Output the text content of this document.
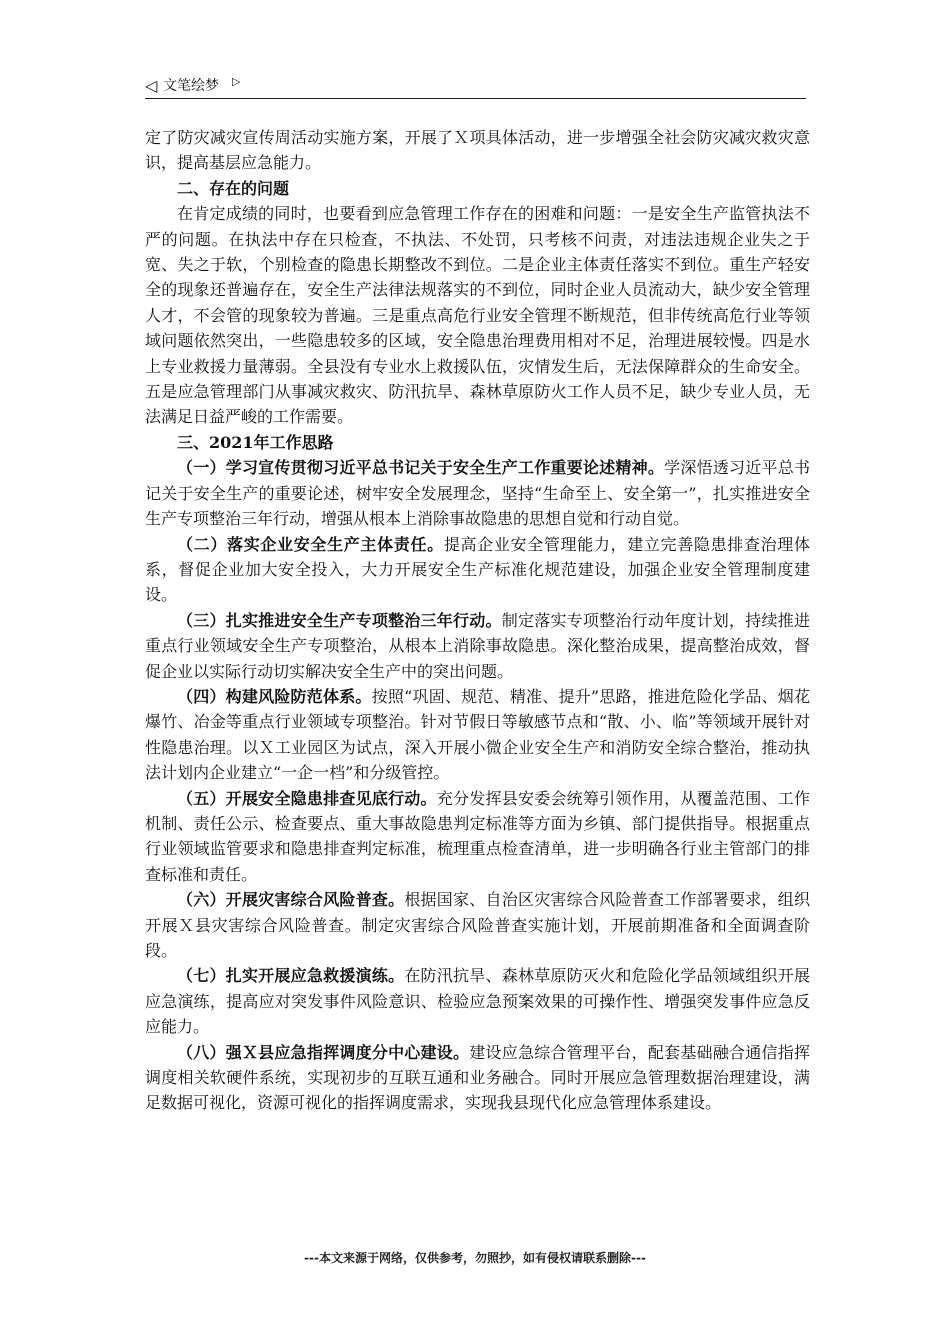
◁ 文笔绘梦 ▷

定了防灾减灾宣传周活动实施方案，开展了Ｘ项具体活动，进一步增强全社会防灾减灾救灾意识，提高基层应急能力。

二、存在的问题

在肯定成绩的同时，也要看到应急管理工作存在的困难和问题：一是安全生产监管执法不严的问题。在执法中存在只检查，不执法、不处罚，只考核不问责，对违法违规企业失之于宽、失之于软，个别检查的隐患长期整改不到位。二是企业主体责任落实不到位。重生产轻安全的现象还普遍存在，安全生产法律法规落实的不到位，同时企业人员流动大，缺少安全管理人才，不会管的现象较为普遍。三是重点高危行业安全管理不断规范，但非传统高危行业等领域问题依然突出，一些隐患较多的区域，安全隐患治理费用相对不足，治理进展较慢。四是水上专业救援力量薄弱。全县没有专业水上救援队伍，灾情发生后，无法保障群众的生命安全。五是应急管理部门从事减灾救灾、防汛抗旱、森林草原防火工作人员不足，缺少专业人员，无法满足日益严峻的工作需要。

三、2021年工作思路

（一）学习宣传贯彻习近平总书记关于安全生产工作重要论述精神。学深悟透习近平总书记关于安全生产的重要论述，树牢安全发展理念，坚持“生命至上、安全第一”，扎实推进安全生产专项整治三年行动，增强从根本上消除事故隐患的思想自觉和行动自觉。

（二）落实企业安全生产主体责任。提高企业安全管理能力，建立完善隐患排查治理体系，督促企业加大安全投入，大力开展安全生产标准化规范建设，加强企业安全管理制度建设。

（三）扎实推进安全生产专项整治三年行动。制定落实专项整治行动年度计划，持续推进重点行业领域安全生产专项整治，从根本上消除事故隐患。深化整治成果，提高整治成效，督促企业以实际行动切实解决安全生产中的突出问题。

（四）构建风险防范体系。按照“巩固、规范、精准、提升”思路，推进危险化学品、烟花爆竹、冶金等重点行业领域专项整治。针对节假日等敏感节点和“散、小、临”等领域开展针对性隐患治理。以Ｘ工业园区为试点，深入开展小微企业安全生产和消防安全综合整治，推动执法计划内企业建立“一企一档”和分级管控。

（五）开展安全隐患排查见底行动。充分发挥县安委会统筹引领作用，从覆盖范围、工作机制、责任公示、检查要点、重大事故隐患判定标准等方面为乡镇、部门提供指导。根据重点行业领域监管要求和隐患排查判定标准，梳理重点检查清单，进一步明确各行业主管部门的排查标准和责任。

（六）开展灾害综合风险普查。根据国家、自治区灾害综合风险普查工作部署要求，组织开展Ｘ县灾害综合风险普查。制定灾害综合风险普查实施计划，开展前期准备和全面调查阶段。

（七）扎实开展应急救援演练。在防汛抗旱、森林草原防灭火和危险化学品领域组织开展应急演练，提高应对突发事件风险意识、检验应急预案效果的可操作性、增强突发事件应急反应能力。

（八）强Ｘ县应急指挥调度分中心建设。建设应急综合管理平台，配套基础融合通信指挥调度相关软硬件系统，实现初步的互联互通和业务融合。同时开展应急管理数据治理建设，满足数据可视化，资源可视化的指挥调度需求，实现我县现代化应急管理体系建设。

---本文来源于网络，仅供参考，勿照抄，如有侵权请联系删除---
